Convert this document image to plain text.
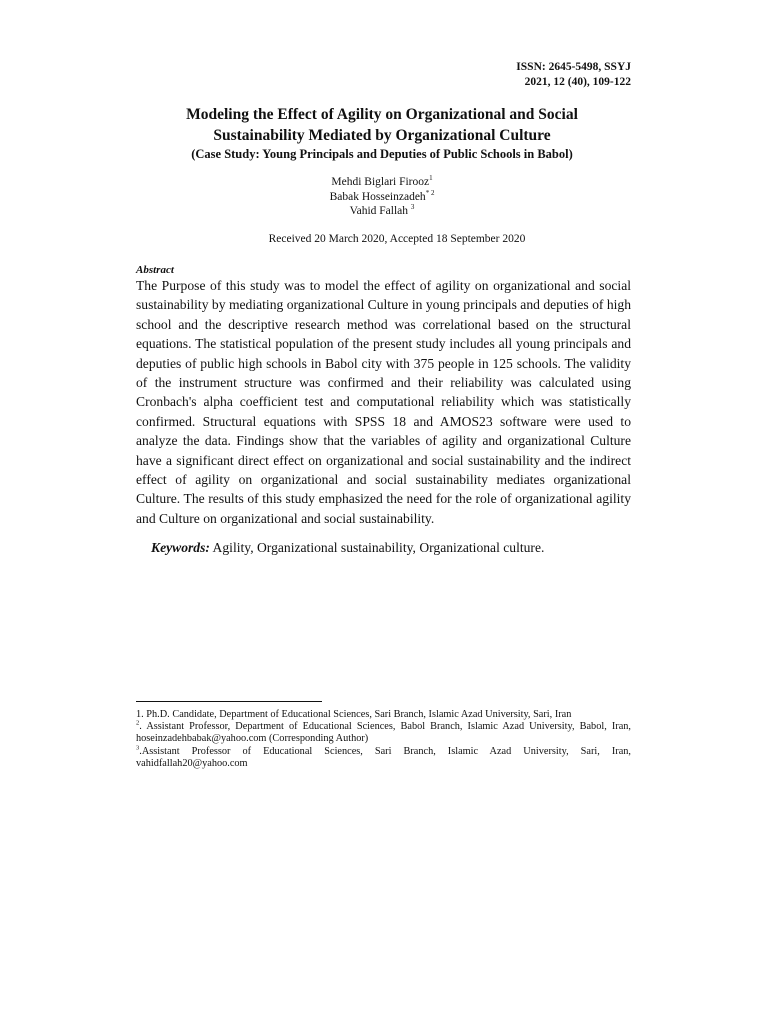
ISSN: 2645-5498, SSYJ
2021, 12 (40), 109-122
Modeling the Effect of Agility on Organizational and Social
Sustainability Mediated by Organizational Culture
(Case Study: Young Principals and Deputies of Public Schools in Babol)
Mehdi Biglari Firooz$^1$
Babak Hosseinzadeh$^{* 2}$
Vahid Fallah $^3$
Received 20 March 2020, Accepted 18 September 2020
Abstract

The Purpose of this study was to model the effect of agility on organizational and social sustainability by mediating organizational Culture in young principals and deputies of high school and the descriptive research method was correlational based on the structural equations. The statistical population of the present study includes all young principals and deputies of public high schools in Babol city with 375 people in 125 schools. The validity of the instrument structure was confirmed and their reliability was calculated using Cronbach's alpha coefficient test and computational reliability which was statistically confirmed. Structural equations with SPSS 18 and AMOS23 software were used to analyze the data. Findings show that the variables of agility and organizational Culture have a significant direct effect on organizational and social sustainability and the indirect effect of agility on organizational and social sustainability mediates organizational Culture. The results of this study emphasized the need for the role of organizational agility and Culture on organizational and social sustainability.

Keywords: Agility, Organizational sustainability, Organizational culture.

1. Ph.D. Candidate, Department of Educational Sciences, Sari Branch, Islamic Azad University, Sari, Iran

$^2$. Assistant Professor, Department of Educational Sciences, Babol Branch, Islamic Azad University, Babol, Iran, hoseinzadehbabak@yahoo.com (Corresponding Author)

$^3$.Assistant Professor of Educational Sciences, Sari Branch, Islamic Azad University, Sari, Iran, vahidfallah20@yahoo.com
